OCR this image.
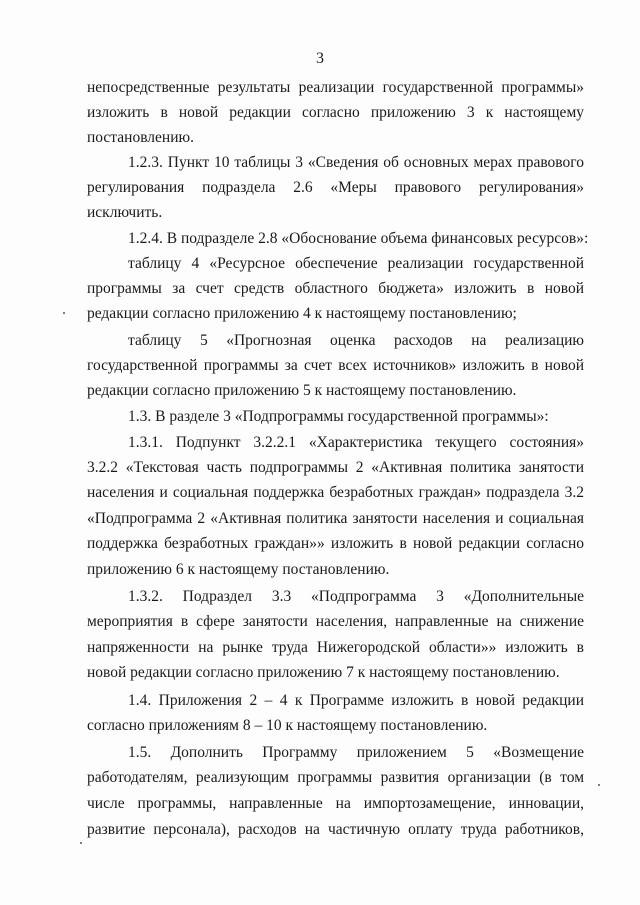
3
непосредственные результаты реализации государственной программы»
изложить в новой редакции согласно приложению 3 к настоящему
постановлению.
1.2.3. Пункт 10 таблицы 3 «Сведения об основных мерах правового
регулирования подраздела 2.6 «Меры правового регулирования»
исключить.
1.2.4. В подразделе 2.8 «Обоснование объема финансовых ресурсов»:
таблицу 4 «Ресурсное обеспечение реализации государственной
программы за счет средств областного бюджета» изложить в новой
редакции согласно приложению 4 к настоящему постановлению;
таблицу 5 «Прогнозная оценка расходов на реализацию
государственной программы за счет всех источников» изложить в новой
редакции согласно приложению 5 к настоящему постановлению.
1.3. В разделе 3 «Подпрограммы государственной программы»:
1.3.1. Подпункт 3.2.2.1 «Характеристика текущего состояния»
3.2.2 «Текстовая часть подпрограммы 2 «Активная политика занятости
населения и социальная поддержка безработных граждан» подраздела 3.2
«Подпрограмма 2 «Активная политика занятости населения и социальная
поддержка безработных граждан»» изложить в новой редакции согласно
приложению 6 к настоящему постановлению.
1.3.2. Подраздел 3.3 «Подпрограмма 3 «Дополнительные
мероприятия в сфере занятости населения, направленные на снижение
напряженности на рынке труда Нижегородской области»» изложить в
новой редакции согласно приложению 7 к настоящему постановлению.
1.4. Приложения 2 – 4 к Программе изложить в новой редакции
согласно приложениям 8 – 10 к настоящему постановлению.
1.5. Дополнить Программу приложением 5 «Возмещение
работодателям, реализующим программы развития организации (в том
числе программы, направленные на импортозамещение, инновации,
развитие персонала), расходов на частичную оплату труда работников,
